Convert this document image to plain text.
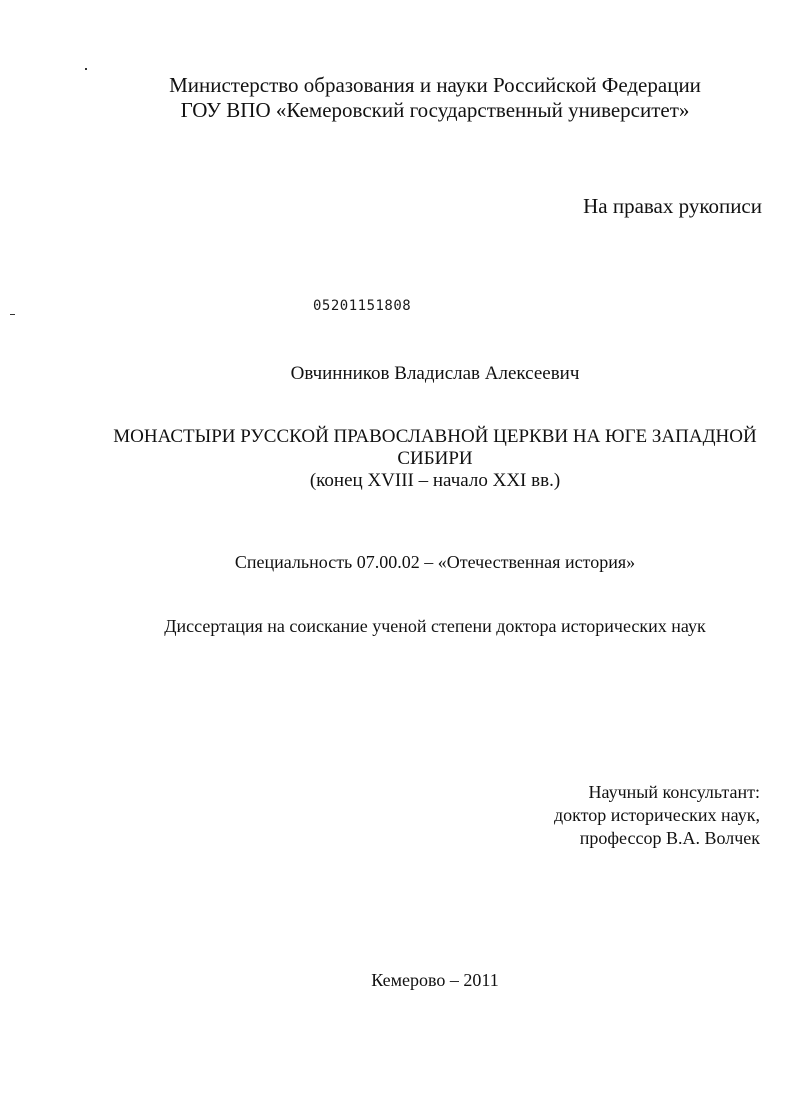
Министерство образования и науки Российской Федерации
ГОУ ВПО «Кемеровский государственный университет»
На правах рукописи
05201151808
Овчинников Владислав Алексеевич
МОНАСТЫРИ РУССКОЙ ПРАВОСЛАВНОЙ ЦЕРКВИ НА ЮГЕ ЗАПАДНОЙ
СИБИРИ
(конец XVIII – начало XXI вв.)
Специальность 07.00.02 – «Отечественная история»
Диссертация на соискание ученой степени доктора исторических наук
Научный консультант:
доктор исторических наук,
профессор В.А. Волчек
Кемерово – 2011
